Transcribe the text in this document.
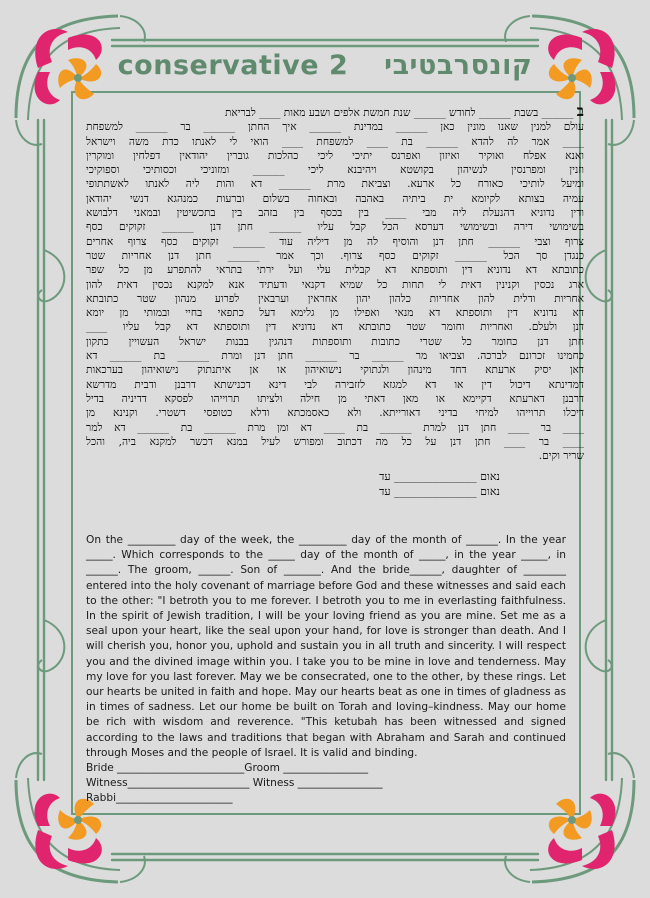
conservative 2 קונסרבטיבי
ב ______ בשבת ______ לחודש ______ שנת חמשת אלפים ושבע מאות ____ לבריאת

עולם למנין שאנו מונין כאן ______ במדינת ______ איך החתן ______ בר ______ למשפחת
____ אמר לה להדא ______ בת ____ למשפחת ____ הואי לי לאנתו כדת משה וישראל
ואנא אפלח ואוקיר ואיזון ואפרנס יתיכי ליכי כהלכות גוברין יהודאין דפלחין ומוקרין
וזנין ומפרנסין לנשיהון בקושטא ויהיבנא ליכי ______ ומזוניכי וכסותיכי וספוקיכי
ומיעל לותיכי כאורח כל ארעא. וצביאת מרת ______ דא והות ליה לאנתו לאשתתופי
עמיה בצותא לקיומא ית ביתיה באהבה ובאחוה בשלום וברעות כמנהגא דנשי יהודאן
ודין נדוניא דהנעלת ליה מבי ____ בין בכסף בין בזהב בין בתכשיטין ובמאני דלבושא
בשימושי דירה ובשימושי דערסא הכל קבל עליו ______ חתן דנן ______ זקוקים כסף
צרוף וצבי ______ חתן דנן והוסיף לה מן דיליה עוד ______ זקוקים כסף צרוף אחרים
כנגדן סך הכל ______ זקוקים כסף צרוף. וכך אמר ______ חתן דנן אחריות שטר
כתובתא דא נדוניא דין ותוספתא דא קבלית עלי ועל ירתי בתראי להתפרע מן כל שפר
ארג נכסין וקנינין דאית לי תחות כל שמיא דקנאי ודעתיד אנא למקנא נכסין דאית להון
אחריות ודלית להון אחריות כלהון יהון אחראין וערבאין לפרוע מנהון שטר כתובתא
דא נדוניא דין ותוספתא דא מנאי ואפילו מן גלימא דעל כתפאי בחיי ובמותי מן יומא
דנן ולעלם. ואחריות וחומר שטר כתובתא דא נדוניא דין ותוספתא דא קבל עליו ____
חתן דנן כחומר כל שטרי כתובות ותוספתות דנהגין בבנות ישראל העשויין כתקון
כחמינו זכרונם לברכה. וצביאו מר ______ בר ______ חתן דנן ומרת ______ בת ______ דא
דאן יסיק ארעתא דחד מינהון ולגתוקי נישואיהון או אן איתנתוק נישואיהון בערכאות
דמדינתא דיכול דין או דא למגזא לזזבירה לבי דינא דכנישתא דרבנן ודבית מדרשא
דרבנן דארעתא דקיימא או מאן דאתי מן חילה ולציתו תרוייהו לפסקא דדיניה בדיל
דיכלו תרוייהו למיחי בדיני דאורייתא. ולא כאסמכתא ודלא כטופסי דשטרי. וקנינא מן
____ בר ____ חתן דנן למרת ______ בת ____ דא ומן מרת ______ בת ______ דא למר
____ בר ____ חתן דנן על כל מה דכתוב ומפורש לעיל במנא דכשר למקנא ביה, והכל
שריר וקים.
נאום _______________ עד
נאום _______________ עד

On the _________ day of the week, the _________ day of the month of ______. In the year _____. Which corresponds to the _____ day of the month of _____, in the year _____, in ______. The groom, ______. Son of _______. And the bride______, daughter of ________ entered into the holy covenant of marriage before God and these witnesses and said each to the other: "I betroth you to me forever. I betroth you to me in everlasting faithfulness. In the spirit of Jewish tradition, I will be your loving friend as you are mine. Set me as a seal upon your heart, like the seal upon your hand, for love is stronger than death. And I will cherish you, honor you, uphold and sustain you in all truth and sincerity. I will respect you and the divined image within you. I take you to be mine in love and tenderness. May my love for you last forever. May we be consecrated, one to the other, by these rings. Let our hearts be united in faith and hope. May our hearts beat as one in times of gladness as in times of sadness. Let our home be built on Torah and loving–kindness. May our home be rich with wisdom and reverence. "This ketubah has been witnessed and signed according to the laws and traditions that began with Abraham and Sarah and continued through Moses and the people of Israel. It is valid and binding.

Bride ________________________Groom ________________
Witness_______________________ Witness ________________
Rabbi______________________
